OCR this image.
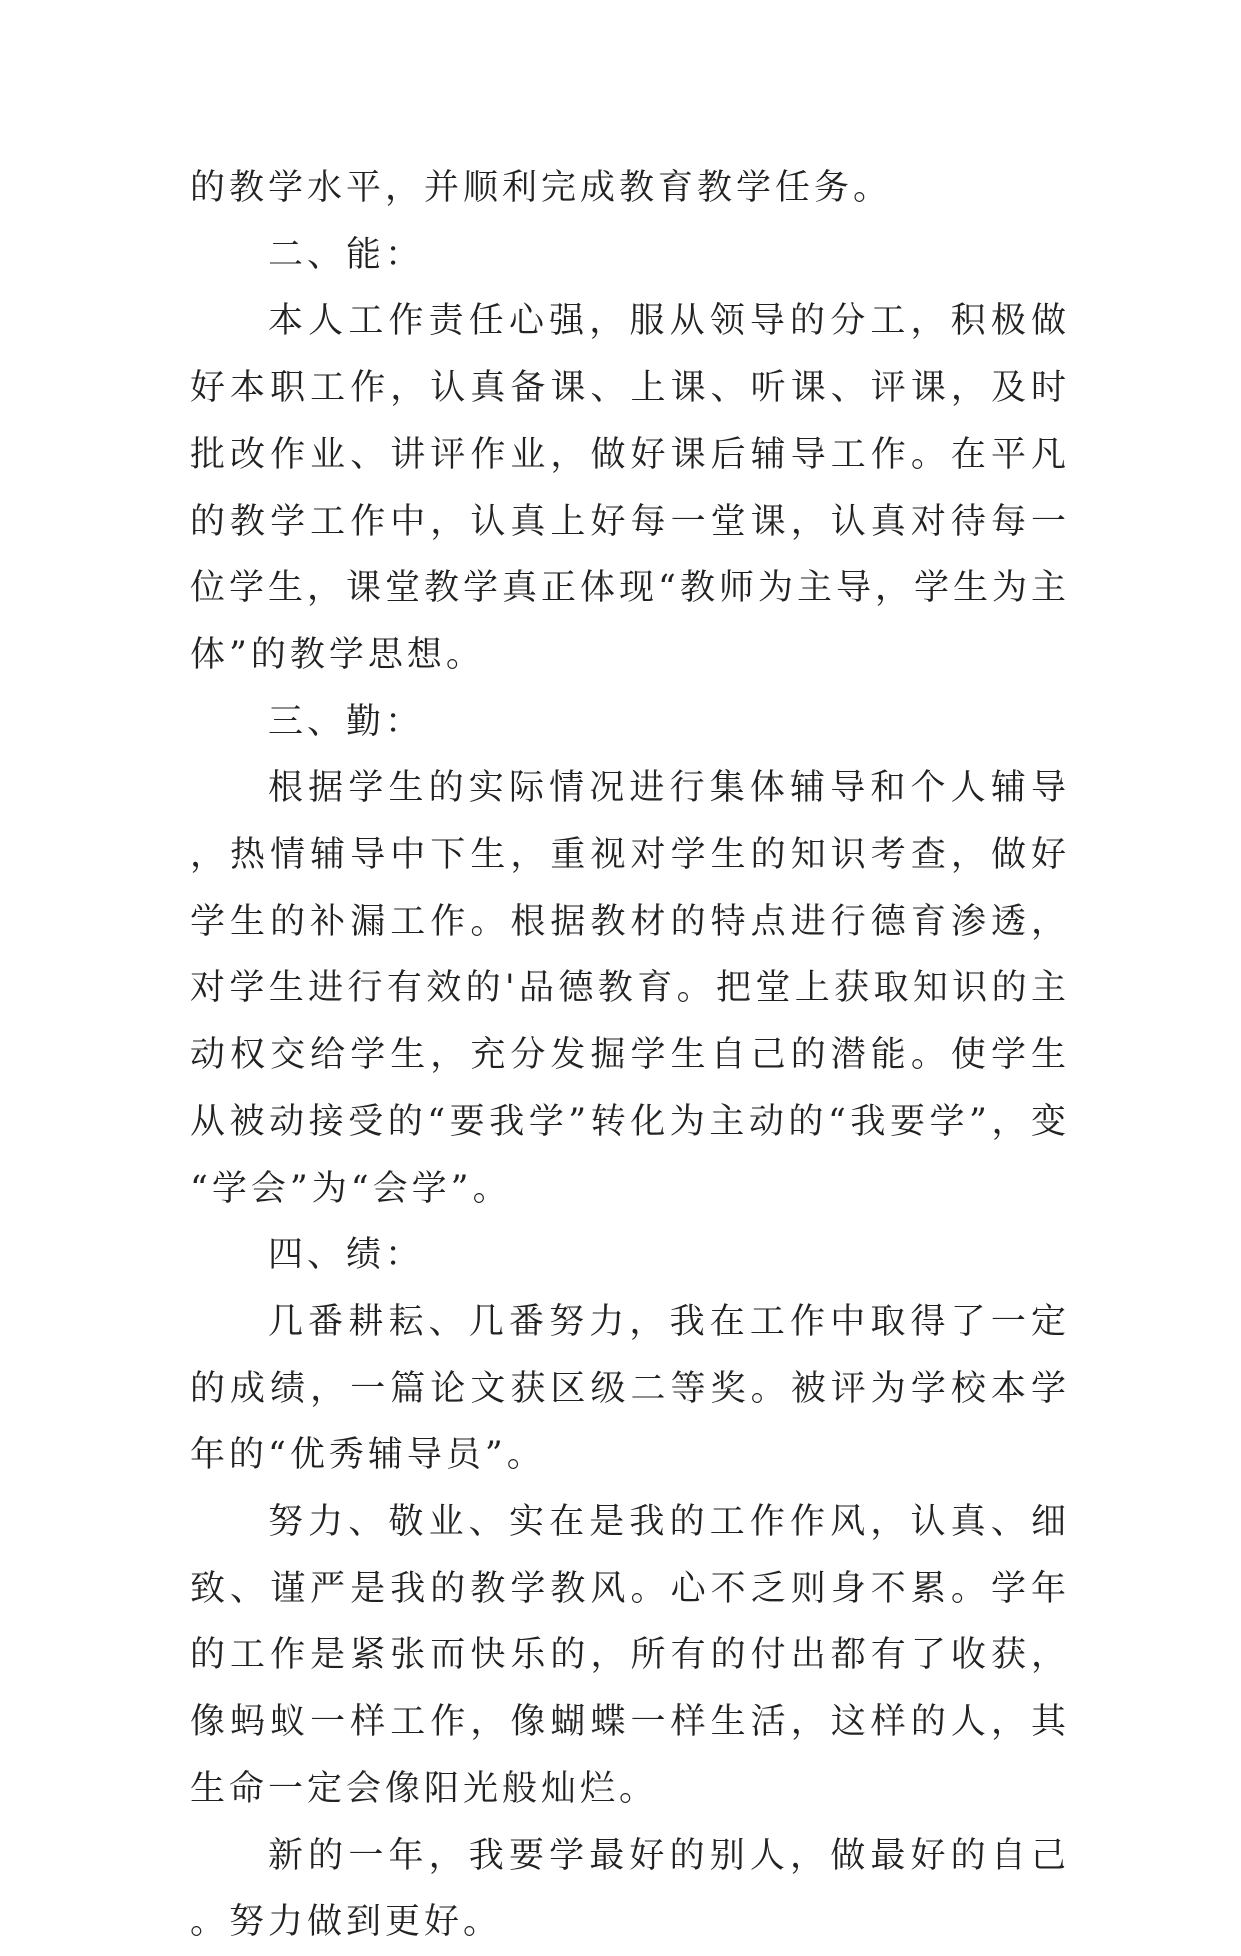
的教学水平，并顺利完成教育教学任务。

二、能：

本人工作责任心强，服从领导的分工，积极做好本职工作，认真备课、上课、听课、评课，及时批改作业、讲评作业，做好课后辅导工作。在平凡的教学工作中，认真上好每一堂课，认真对待每一位学生，课堂教学真正体现“教师为主导，学生为主体”的教学思想。

三、勤：

根据学生的实际情况进行集体辅导和个人辅导，热情辅导中下生，重视对学生的知识考查，做好学生的补漏工作。根据教材的特点进行德育渗透，对学生进行有效的'品德教育。把堂上获取知识的主动权交给学生，充分发掘学生自己的潜能。使学生从被动接受的“要我学”转化为主动的“我要学”，变“学会”为“会学”。

四、绩：

几番耕耘、几番努力，我在工作中取得了一定的成绩，一篇论文获区级二等奖。被评为学校本学年的“优秀辅导员”。

努力、敬业、实在是我的工作作风，认真、细致、谨严是我的教学教风。心不乏则身不累。学年的工作是紧张而快乐的，所有的付出都有了收获，像蚂蚁一样工作，像蝴蝶一样生活，这样的人，其生命一定会像阳光般灿烂。

新的一年，我要学最好的别人，做最好的自己。努力做到更好。
